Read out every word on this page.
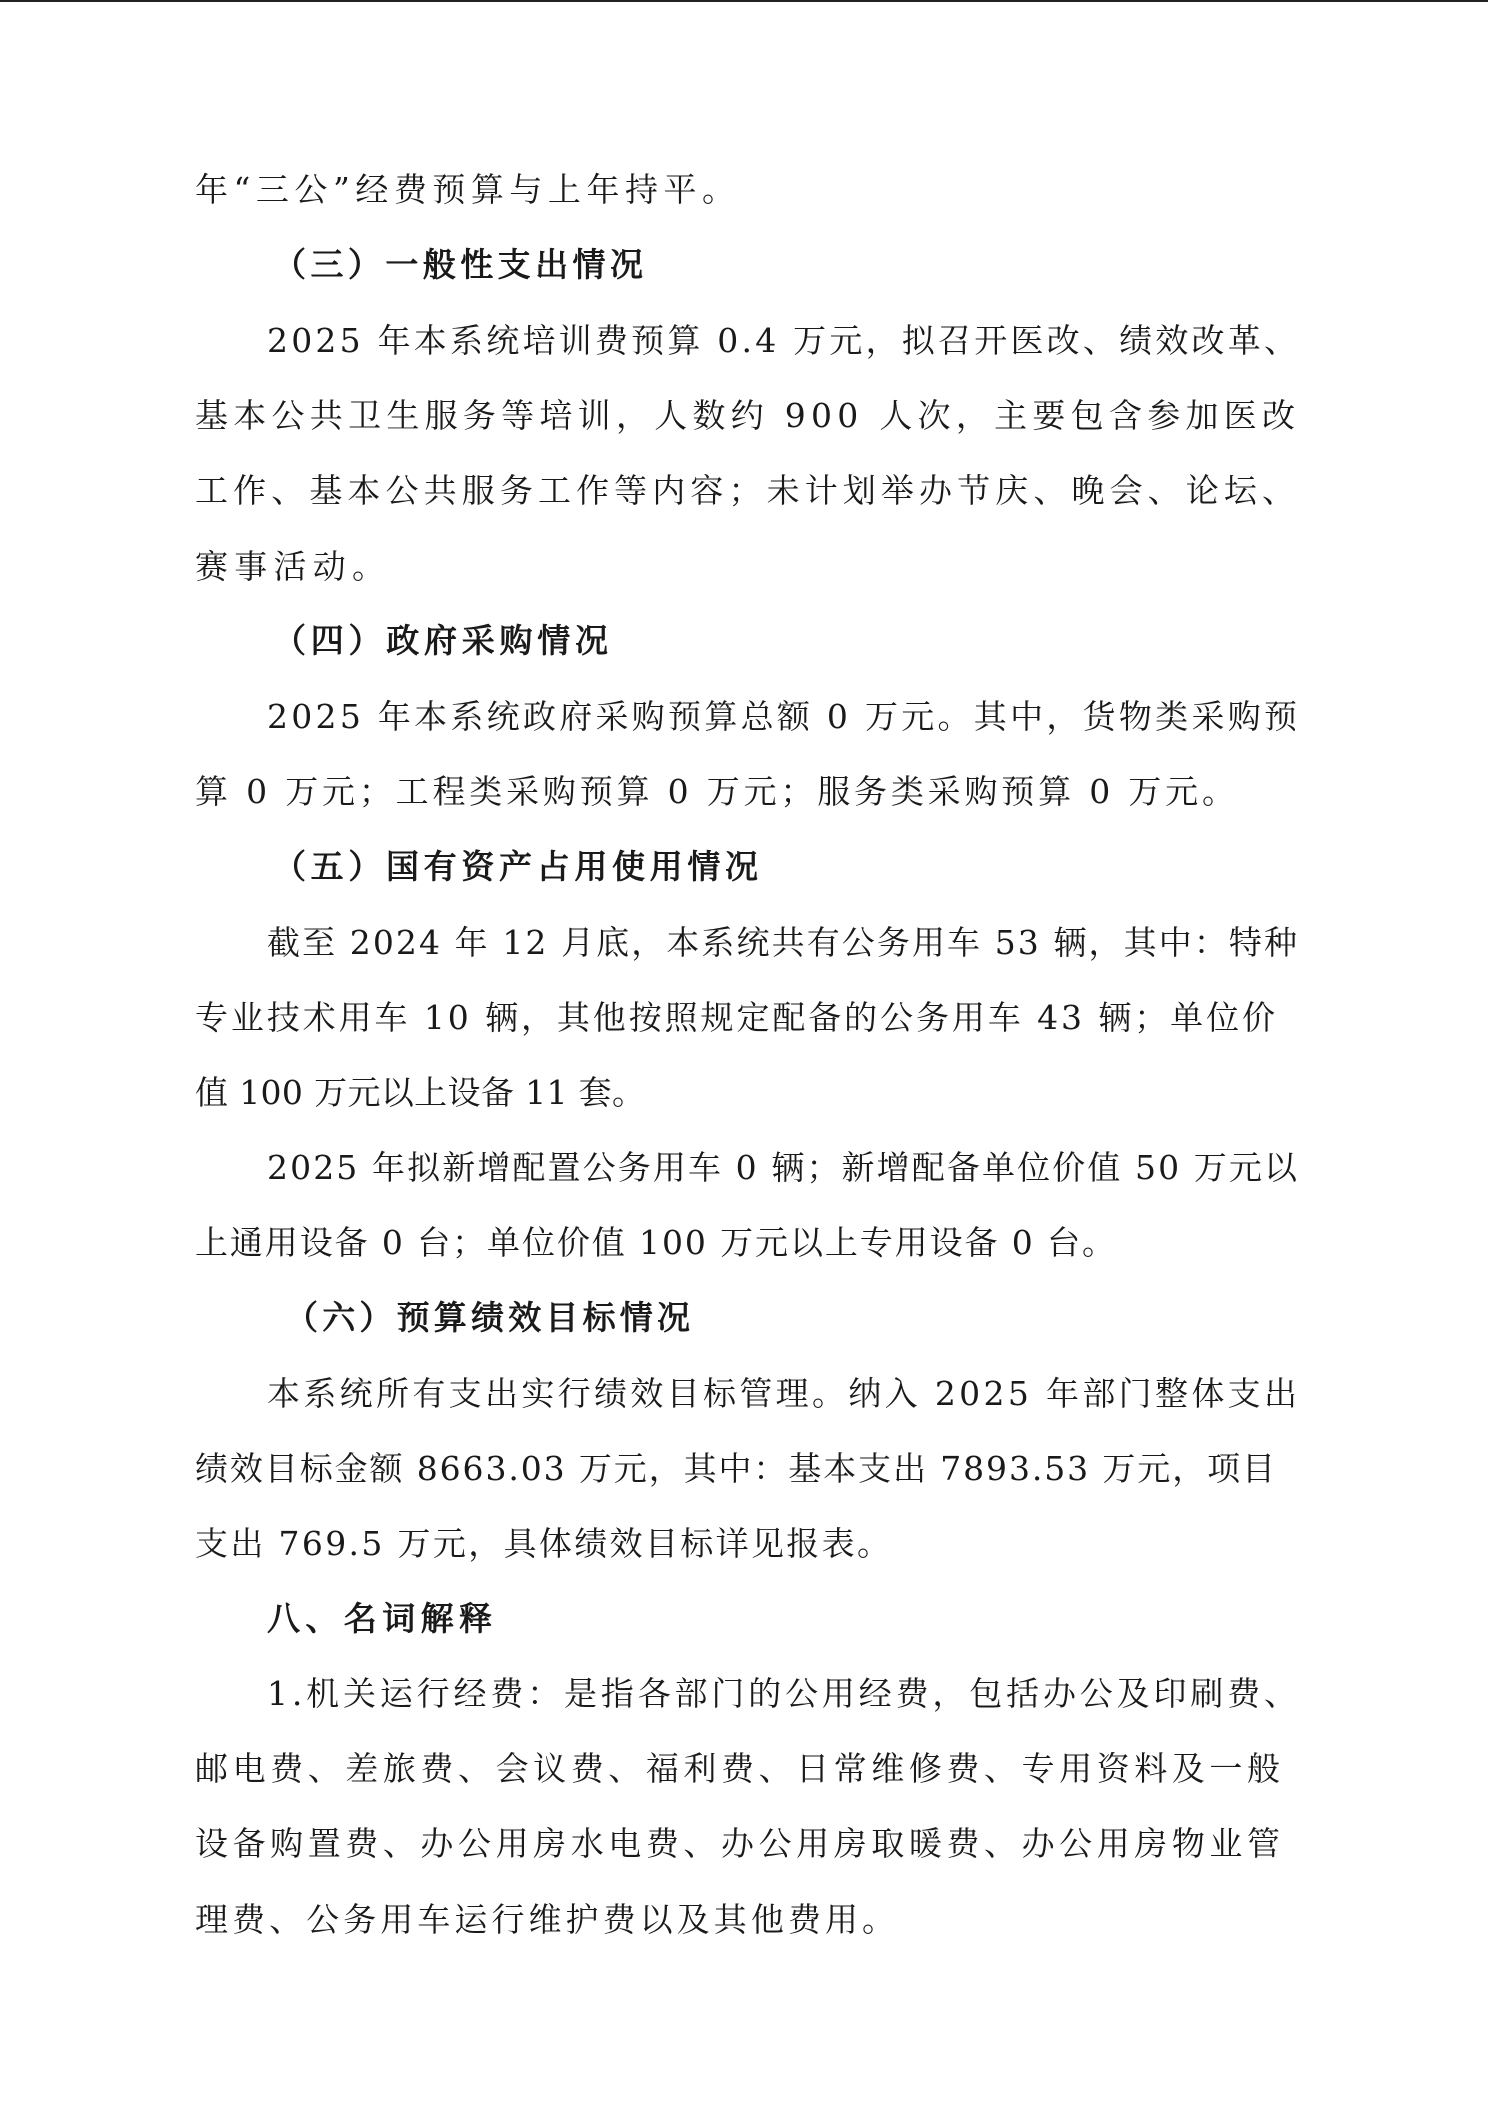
年“三公”经费预算与上年持平。
（三）一般性支出情况
2025 年本系统培训费预算 0.4 万元，拟召开医改、绩效改革、
基本公共卫生服务等培训，人数约 900 人次，主要包含参加医改
工作、基本公共服务工作等内容；未计划举办节庆、晚会、论坛、
赛事活动。
（四）政府采购情况
2025 年本系统政府采购预算总额 0 万元。其中，货物类采购预
算 0 万元；工程类采购预算 0 万元；服务类采购预算 0 万元。
（五）国有资产占用使用情况
截至 2024 年 12 月底，本系统共有公务用车 53 辆，其中：特种
专业技术用车 10 辆，其他按照规定配备的公务用车 43 辆；单位价
值 100 万元以上设备 11 套。
2025 年拟新增配置公务用车 0 辆；新增配备单位价值 50 万元以
上通用设备 0 台；单位价值 100 万元以上专用设备 0 台。
（六）预算绩效目标情况
本系统所有支出实行绩效目标管理。纳入 2025 年部门整体支出
绩效目标金额 8663.03 万元，其中：基本支出 7893.53 万元，项目
支出 769.5 万元，具体绩效目标详见报表。
八、名词解释
1.机关运行经费：是指各部门的公用经费，包括办公及印刷费、
邮电费、差旅费、会议费、福利费、日常维修费、专用资料及一般
设备购置费、办公用房水电费、办公用房取暖费、办公用房物业管
理费、公务用车运行维护费以及其他费用。
